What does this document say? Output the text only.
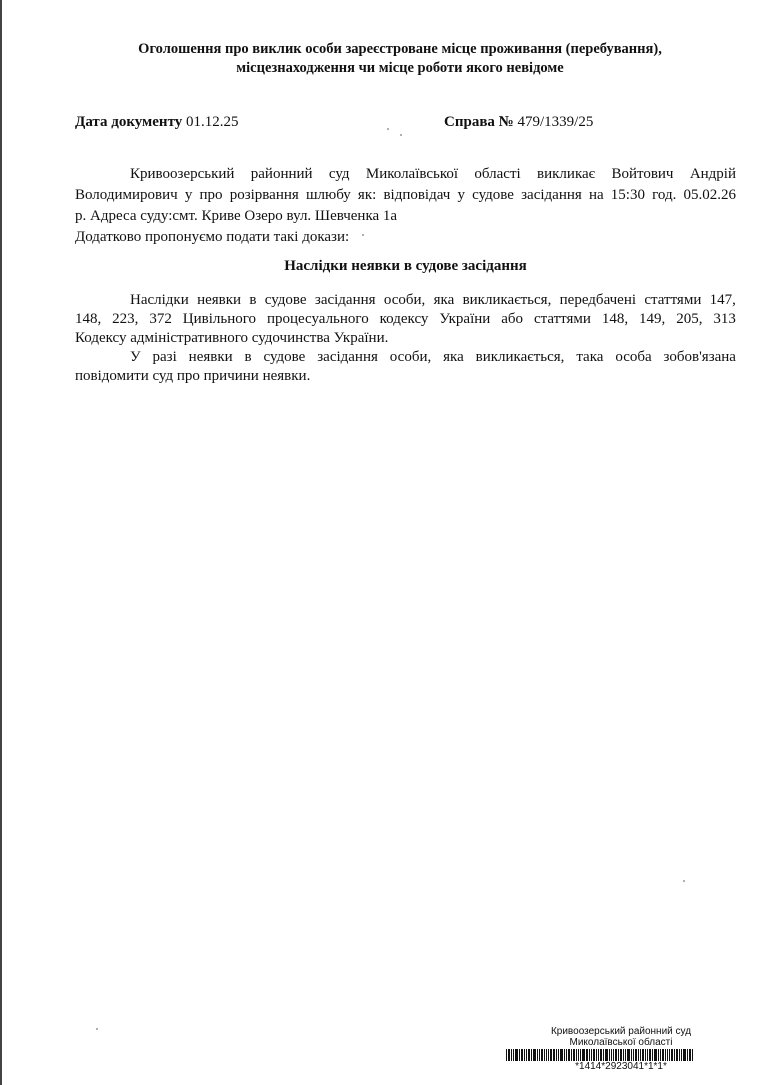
Оголошення про виклик особи зареєстроване місце проживання (перебування),
місцезнаходження чи місце роботи якого невідоме
Дата документу 01.12.25	Справа № 479/1339/25
Кривоозерський районний суд Миколаївської області викликає Войтович Андрій
Володимирович у про розірвання шлюбу як: відповідач у судове засідання на 15:30 год. 05.02.26
р. Адреса суду:смт. Криве Озеро вул. Шевченка 1а
Додатково пропонуємо подати такі докази:
Наслідки неявки в судове засідання
Наслідки неявки в судове засідання особи, яка викликається, передбачені статтями 147,
148, 223, 372 Цивільного процесуального кодексу України або статтями 148, 149, 205, 313
Кодексу адміністративного судочинства України.
У разі неявки в судове засідання особи, яка викликається, така особа зобов'язана
повідомити суд про причини неявки.
Кривоозерський районний суд
Миколаївської області
*1414*2923041*1*1*
